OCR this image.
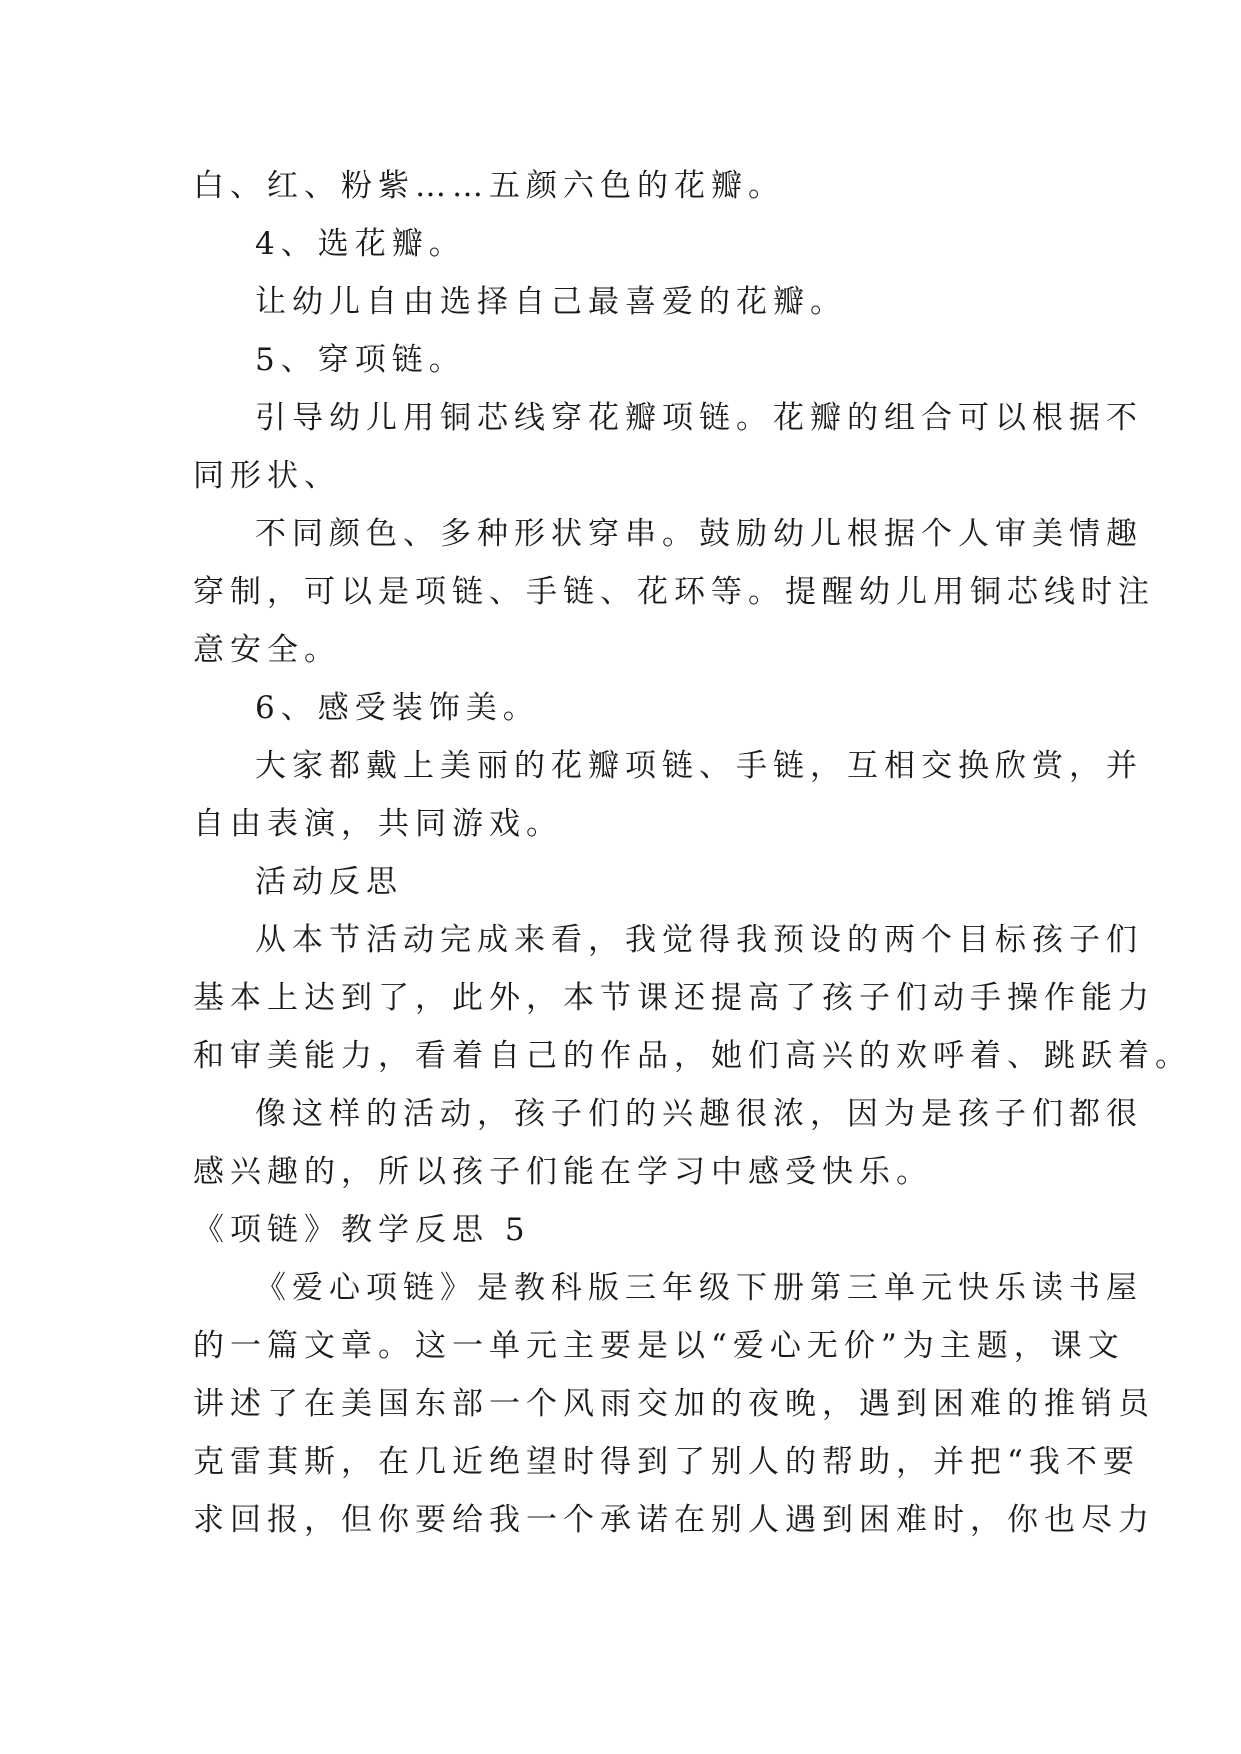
白、红、粉紫……五颜六色的花瓣。
4、选花瓣。
让幼儿自由选择自己最喜爱的花瓣。
5、穿项链。
引导幼儿用铜芯线穿花瓣项链。花瓣的组合可以根据不
同形状、
不同颜色、多种形状穿串。鼓励幼儿根据个人审美情趣
穿制，可以是项链、手链、花环等。提醒幼儿用铜芯线时注
意安全。
6、感受装饰美。
大家都戴上美丽的花瓣项链、手链，互相交换欣赏，并
自由表演，共同游戏。
活动反思
从本节活动完成来看，我觉得我预设的两个目标孩子们
基本上达到了，此外，本节课还提高了孩子们动手操作能力
和审美能力，看着自己的作品，她们高兴的欢呼着、跳跃着。
像这样的活动，孩子们的兴趣很浓，因为是孩子们都很
感兴趣的，所以孩子们能在学习中感受快乐。
《项链》教学反思 5
《爱心项链》是教科版三年级下册第三单元快乐读书屋
的一篇文章。这一单元主要是以“爱心无价”为主题，课文
讲述了在美国东部一个风雨交加的夜晚，遇到困难的推销员
克雷萁斯，在几近绝望时得到了别人的帮助，并把“我不要
求回报，但你要给我一个承诺在别人遇到困难时，你也尽力
